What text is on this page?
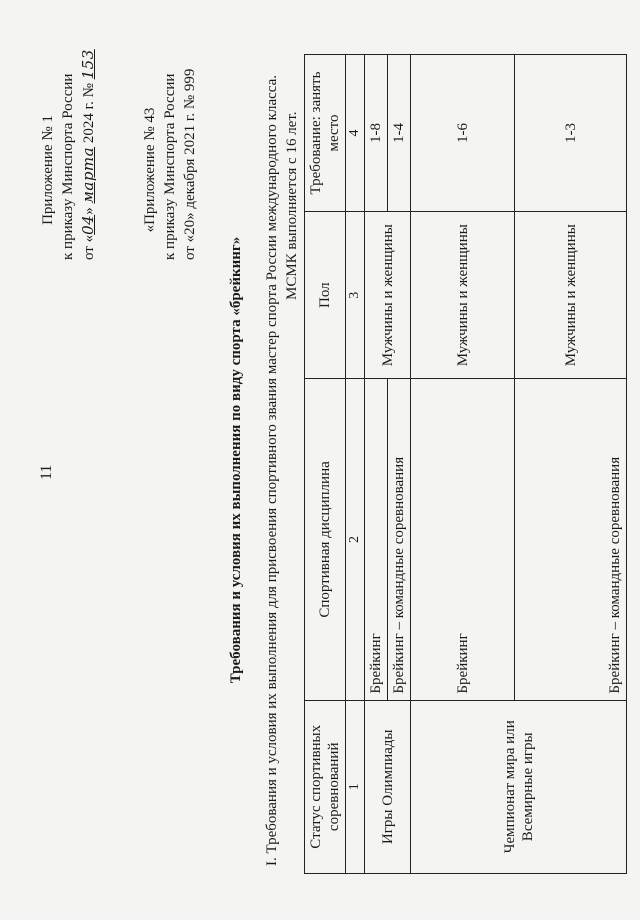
11
Приложение № 1 к приказу Минспорта России от «04» марта 2024 г. № 153
«Приложение № 43 к приказу Минспорта России от «20» декабря 2021 г. № 999
Требования и условия их выполнения по виду спорта «брейкинг» I. Требования и условия их выполнения для присвоения спортивного звания мастер спорта России международного класса. МСМК выполняется с 16 лет.
Статус спортивных соревнований	Спортивная дисциплина	Пол	Требование: занять место
1	2	3	4
Игры Олимпиады	Брейкинг	Мужчины и женщины	1-8
	Брейкинг – командные соревнования		1-4
Чемпионат мира или Всемирные игры	Брейкинг	Мужчины и женщины	1-6
	Брейкинг – командные соревнования	Мужчины и женщины	1-3
